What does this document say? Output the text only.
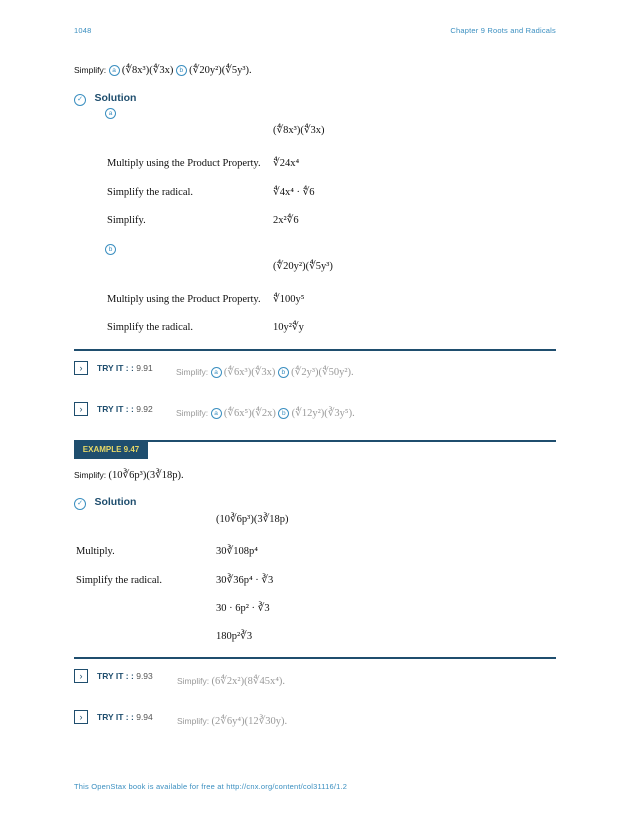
1048	Chapter 9 Roots and Radicals
Simplify: a (∜8x³)(∜3x) b (∜20y²)(∜5y³).
✓ Solution
a
(∜8x³)(∜3x)
Multiply using the Product Property. ∜24x⁴
Simplify the radical.	∜4x⁴ · ∜6
Simplify.	2x²∜6
b
(∜20y²)(∜5y³)
Multiply using the Product Property. ∜100y⁵
Simplify the radical.	10y²∜y
›	TRY IT : : 9.91	Simplify: a (∜6x³)(∜3x) b (∜2y³)(∜50y²).
›	TRY IT : : 9.92	Simplify: a (∜6x⁵)(∜2x) b (∜12y²)(∛3y⁵).
EXAMPLE 9.47
Simplify: (10∛6p³)(3∛18p).
✓ Solution
(10∛6p³)(3∛18p)
Multiply.	30∛108p⁴
Simplify the radical.	30∛36p⁴ · ∛3
30 · 6p² · ∛3
180p²∛3
›	TRY IT : : 9.93	Simplify: (6∜2x²)(8∜45x⁴).
›	TRY IT : : 9.94	Simplify: (2∜6y⁴)(12∛30y).
This OpenStax book is available for free at http://cnx.org/content/col31116/1.2
